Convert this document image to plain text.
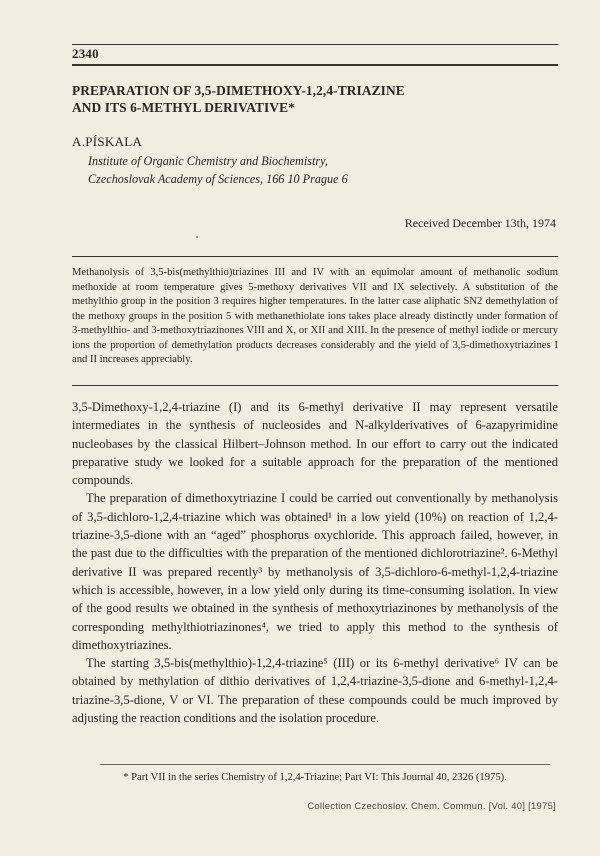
2340
PREPARATION OF 3,5-DIMETHOXY-1,2,4-TRIAZINE
AND ITS 6-METHYL DERIVATIVE*
A.PÍSKALA
Institute of Organic Chemistry and Biochemistry,
Czechoslovak Academy of Sciences, 166 10 Prague 6
Received December 13th, 1974

Methanolysis of 3,5-bis(methylthio)triazines III and IV with an equimolar amount of methanolic sodium methoxide at room temperature gives 5-methoxy derivatives VII and IX selectively. A substitution of the methylthio group in the position 3 requires higher temperatures. In the latter case aliphatic SN2 demethylation of the methoxy groups in the position 5 with methanethiolate ions takes place already distinctly under formation of 3-methylthio- and 3-methoxytriazinones VIII and X, or XII and XIII. In the presence of methyl iodide or mercury ions the proportion of demethylation products decreases considerably and the yield of 3,5-dimethoxytriazines I and II increases appreciably.

3,5-Dimethoxy-1,2,4-triazine (I) and its 6-methyl derivative II may represent versatile intermediates in the synthesis of nucleosides and N-alkylderivatives of 6-azapyrimidine nucleobases by the classical Hilbert–Johnson method. In our effort to carry out the indicated preparative study we looked for a suitable approach for the preparation of the mentioned compounds.

The preparation of dimethoxytriazine I could be carried out conventionally by methanolysis of 3,5-dichloro-1,2,4-triazine which was obtained¹ in a low yield (10%) on reaction of 1,2,4-triazine-3,5-dione with an “aged” phosphorus oxychloride. This approach failed, however, in the past due to the difficulties with the preparation of the mentioned dichlorotriazine². 6-Methyl derivative II was prepared recently³ by methanolysis of 3,5-dichloro-6-methyl-1,2,4-triazine which is accessible, however, in a low yield only during its time-consuming isolation. In view of the good results we obtained in the synthesis of methoxytriazinones by methanolysis of the corresponding methylthiotriazinones⁴, we tried to apply this method to the synthesis of dimethoxytriazines.

The starting 3,5-bis(methylthio)-1,2,4-triazine⁵ (III) or its 6-methyl derivative⁶ IV can be obtained by methylation of dithio derivatives of 1,2,4-triazine-3,5-dione and 6-methyl-1,2,4-triazine-3,5-dione, V or VI. The preparation of these compounds could be much improved by adjusting the reaction conditions and the isolation procedure.

* Part VII in the series Chemistry of 1,2,4-Triazine; Part VI: This Journal 40, 2326 (1975).
Collection Czechoslov. Chem. Commun. [Vol. 40] [1975]
